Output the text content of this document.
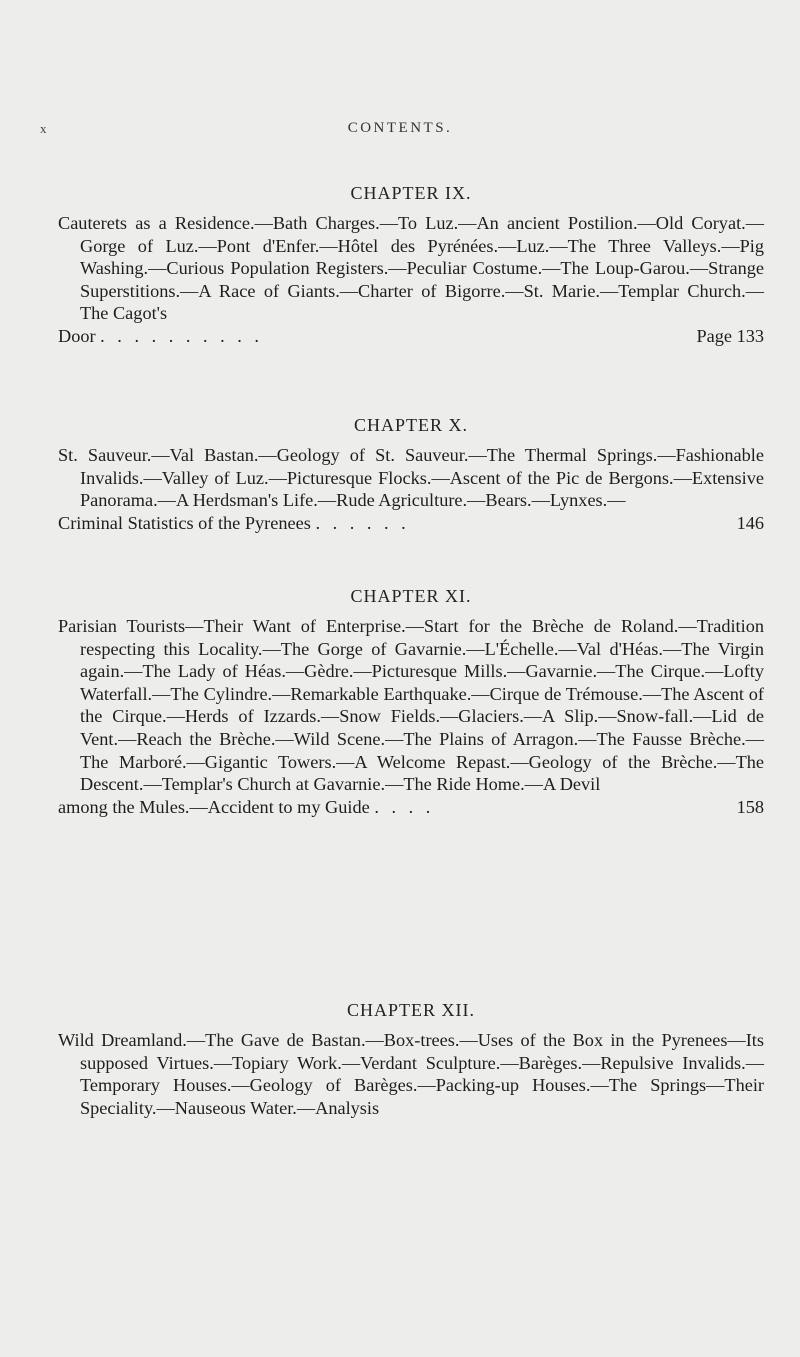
x	CONTENTS.
CHAPTER IX.

Cauterets as a Residence.—Bath Charges.—To Luz.—An ancient Postilion.—Old Coryat.—Gorge of Luz.—Pont d'Enfer.—Hôtel des Pyrénées.—Luz.—The Three Valleys.—Pig Washing.—Curious Population Registers.—Peculiar Costume.—The Loup-Garou.—Strange Superstitions.—A Race of Giants.—Charter of Bigorre.—St. Marie.—Templar Church.—The Cagot's
Page 133
Door . . . . . . . . . .

CHAPTER X.

St. Sauveur.—Val Bastan.—Geology of St. Sauveur.—The Thermal Springs.—Fashionable Invalids.—Valley of Luz.—Picturesque Flocks.—Ascent of the Pic de Bergons.—Extensive Panorama.—A Herdsman's Life.—Rude Agriculture.—Bears.—Lynxes.—
146
Criminal Statistics of the Pyrenees . . . . . .

CHAPTER XI.

Parisian Tourists—Their Want of Enterprise.—Start for the Brèche de Roland.—Tradition respecting this Locality.—The Gorge of Gavarnie.—L'Échelle.—Val d'Héas.—The Virgin again.—The Lady of Héas.—Gèdre.—Picturesque Mills.—Gavarnie.—The Cirque.—Lofty Waterfall.—The Cylindre.—Remarkable Earthquake.—Cirque de Trémouse.—The Ascent of the Cirque.—Herds of Izzards.—Snow Fields.—Glaciers.—A Slip.—Snow-fall.—Lid de Vent.—Reach the Brèche.—Wild Scene.—The Plains of Arragon.—The Fausse Brèche.—The Marboré.—Gigantic Towers.—A Welcome Repast.—Geology of the Brèche.—The Descent.—Templar's Church at Gavarnie.—The Ride Home.—A Devil
158
among the Mules.—Accident to my Guide . . . .

CHAPTER XII.

Wild Dreamland.—The Gave de Bastan.—Box-trees.—Uses of the Box in the Pyrenees—Its supposed Virtues.—Topiary Work.—Verdant Sculpture.—Barèges.—Repulsive Invalids.—Temporary Houses.—Geology of Barèges.—Packing-up Houses.—The Springs—Their Speciality.—Nauseous Water.—Analysis
